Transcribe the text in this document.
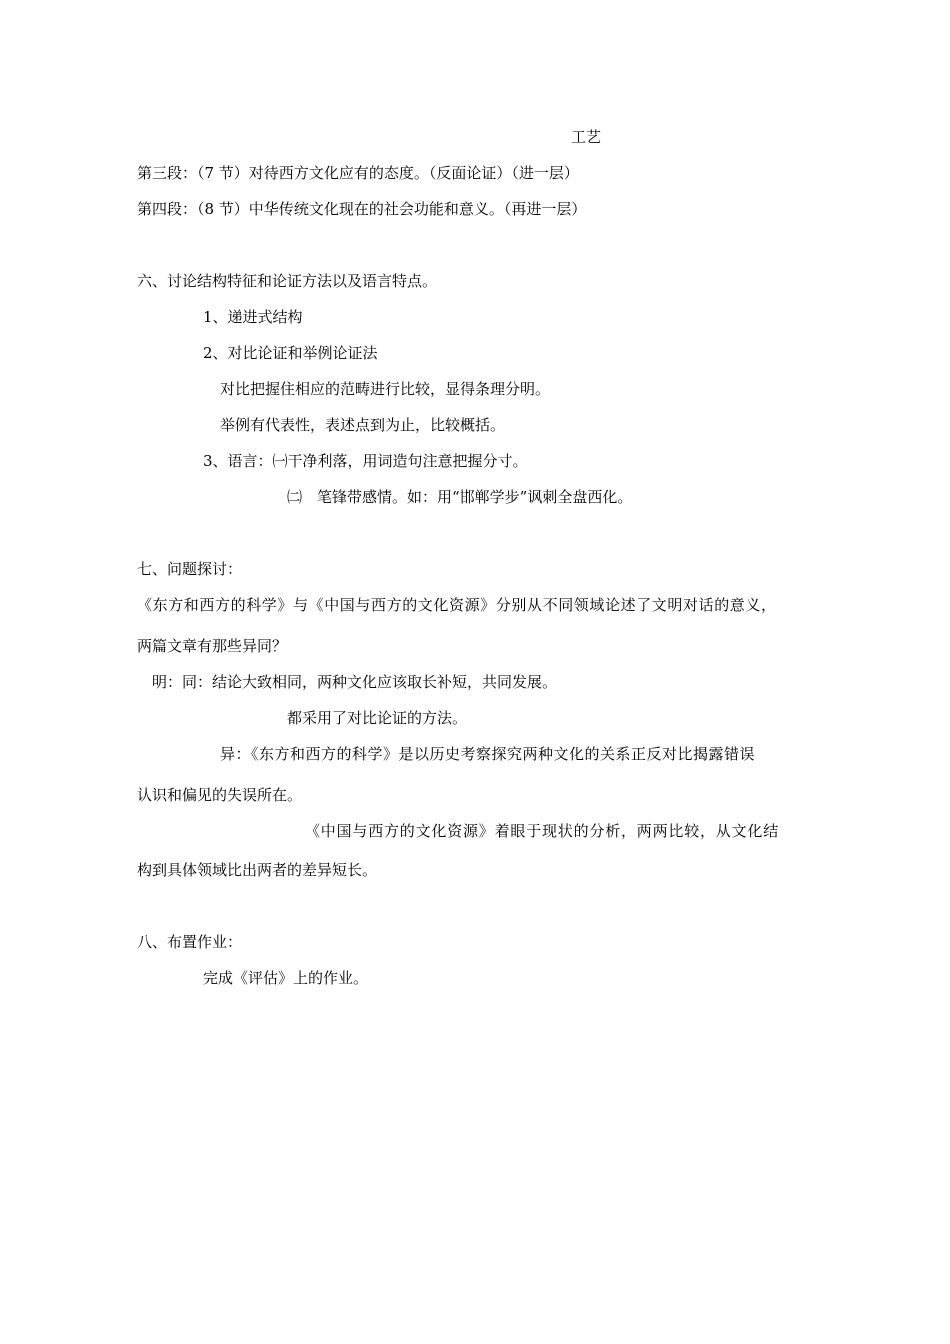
工艺
第三段：（7 节）对待西方文化应有的态度。（反面论证）（进一层）
第四段：（8 节）中华传统文化现在的社会功能和意义。（再进一层）
六、讨论结构特征和论证方法以及语言特点。
1、递进式结构
2、对比论证和举例论证法
对比把握住相应的范畴进行比较，显得条理分明。
举例有代表性，表述点到为止，比较概括。
3、语言：㈠干净利落，用词造句注意把握分寸。
㈡　笔锋带感情。如：用“邯郸学步”讽刺全盘西化。
七、问题探讨：
《东方和西方的科学》与《中国与西方的文化资源》分别从不同领域论述了文明对话的意义，
两篇文章有那些异同？
明：同：结论大致相同，两种文化应该取长补短，共同发展。
都采用了对比论证的方法。
异：《东方和西方的科学》是以历史考察探究两种文化的关系正反对比揭露错误
认识和偏见的失误所在。
《中国与西方的文化资源》着眼于现状的分析，两两比较，从文化结
构到具体领域比出两者的差异短长。
八、布置作业：
完成《评估》上的作业。
